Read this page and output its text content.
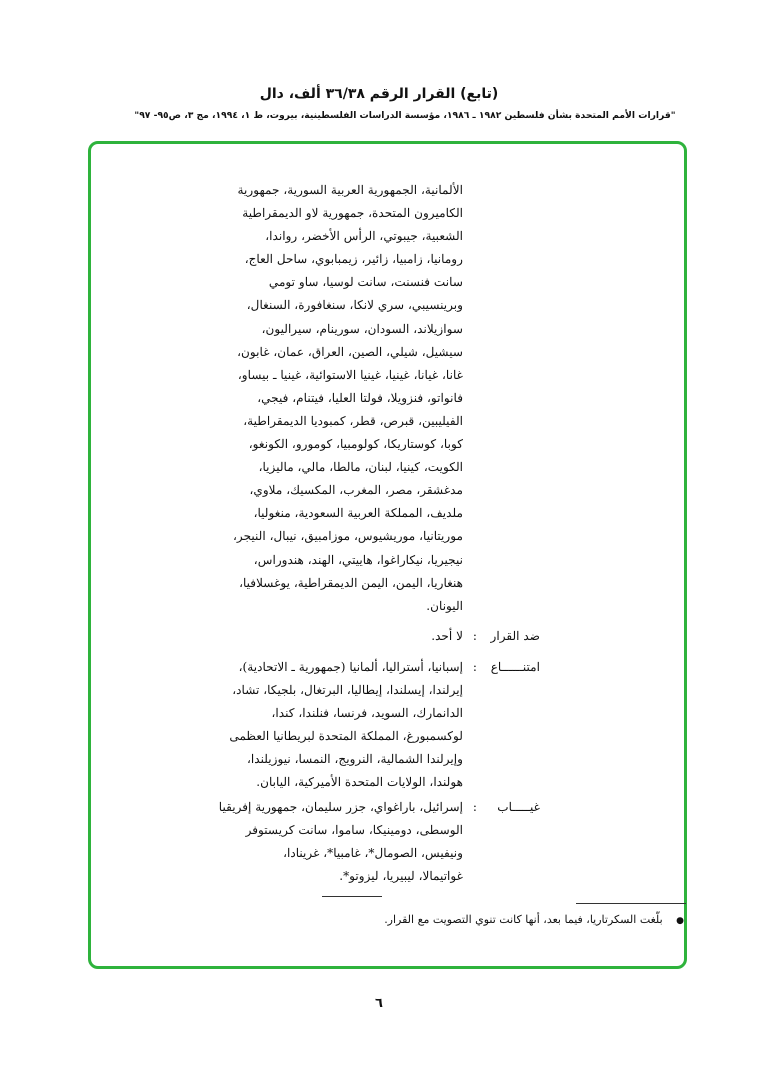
(تابع) القرار الرقم ٣٦/٣٨ ألف، دال
"قرارات الأمم المتحدة بشأن فلسطين ١٩٨٢ ـ ١٩٨٦، مؤسسة الدراسات الفلسطينية، بيروت، ط ١، ١٩٩٤، مج ٣، ص٩٥- ٩٧"
الألمانية، الجمهورية العربية السورية، جمهورية
الكاميرون المتحدة، جمهورية لاو الديمقراطية
الشعبية، جيبوتي، الرأس الأخضر، رواندا،
رومانيا، زامبيا، زائير، زيمبابوي، ساحل العاج،
سانت فنسنت، سانت لوسيا، ساو تومي
وبرينسيبي، سري لانكا، سنغافورة، السنغال،
سوازيلاند، السودان، سورينام، سيراليون،
سيشيل، شيلي، الصين، العراق، عمان، غابون،
غانا، غيانا، غينيا، غينيا الاستوائية، غينيا ـ بيساو،
فانواتو، فنزويلا، فولتا العليا، فيتنام، فيجي،
الفيليبين، قبرص، قطر، كمبوديا الديمقراطية،
كوبا، كوستاريكا، كولومبيا، كومورو، الكونغو،
الكويت، كينيا، لبنان، مالطا، مالي، ماليزيا،
مدغشقر، مصر، المغرب، المكسيك، ملاوي،
ملديف، المملكة العربية السعودية، منغوليا،
موريتانيا، موريشيوس، موزامبيق، نيبال، النيجر،
نيجيريا، نيكاراغوا، هاييتي، الهند، هندوراس،
هنغاريا، اليمن، اليمن الديمقراطية، يوغسلافيا،
اليونان.
ضد القرار
:
لا أحد.
امتنــــــاع
:
إسبانيا، أستراليا، ألمانيا (جمهورية ـ الاتحادية)،
إيرلندا، إيسلندا، إيطاليا، البرتغال، بلجيكا، تشاد،
الدانمارك، السويد، فرنسا، فنلندا، كندا،
لوكسمبورغ، المملكة المتحدة لبريطانيا العظمى
وإيرلندا الشمالية، النرويج، النمسا، نيوزيلندا،
هولندا، الولايات المتحدة الأميركية، اليابان.
غيـــــاب
:
إسرائيل، باراغواي، جزر سليمان، جمهورية إفريقيا
الوسطى، دومينيكا، ساموا، سانت كريستوفر
ونيفيس، الصومال*، غامبيا*، غرينادا،
غواتيمالا، ليبيريا، ليزوتو*.
● بلّغت السكرتاريا، فيما بعد، أنها كانت تنوي التصويت مع القرار.
٦
